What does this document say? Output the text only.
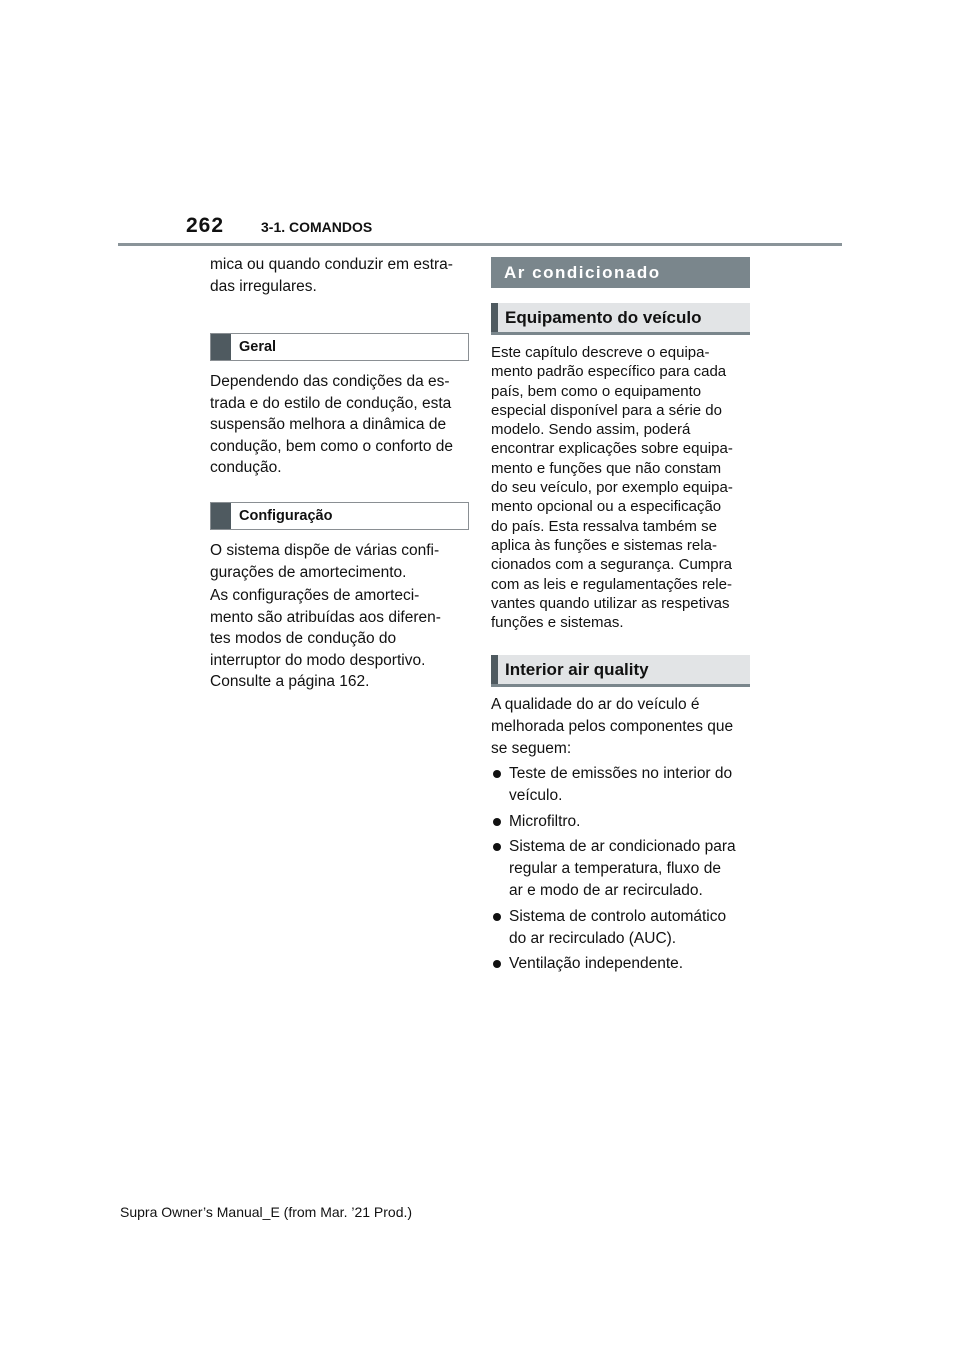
262	3-1. COMANDOS

mica ou quando conduzir em estra-

das irregulares.

Geral

Dependendo das condições da es-

trada e do estilo de condução, esta

suspensão melhora a dinâmica de

condução, bem como o conforto de

condução.

Configuração

O sistema dispõe de várias confi-

gurações de amortecimento.

As configurações de amorteci-

mento são atribuídas aos diferen-

tes modos de condução do

interruptor do modo desportivo.

Consulte a página 162.

Ar condicionado
Equipamento do veículo

Este capítulo descreve o equipa-

mento padrão específico para cada

país, bem como o equipamento

especial disponível para a série do

modelo. Sendo assim, poderá

encontrar explicações sobre equipa-

mento e funções que não constam

do seu veículo, por exemplo equipa-

mento opcional ou a especificação

do país. Esta ressalva também se

aplica às funções e sistemas rela-

cionados com a segurança. Cumpra

com as leis e regulamentações rele-

vantes quando utilizar as respetivas

funções e sistemas.

Interior air quality

A qualidade do ar do veículo é

melhorada pelos componentes que

se seguem:

Teste de emissões no interior do
veículo.
Microfiltro.
Sistema de ar condicionado para
regular a temperatura, fluxo de
ar e modo de ar recirculado.
Sistema de controlo automático
do ar recirculado (AUC).
Ventilação independente.
Supra Owner’s Manual_E (from Mar. ’21 Prod.)
